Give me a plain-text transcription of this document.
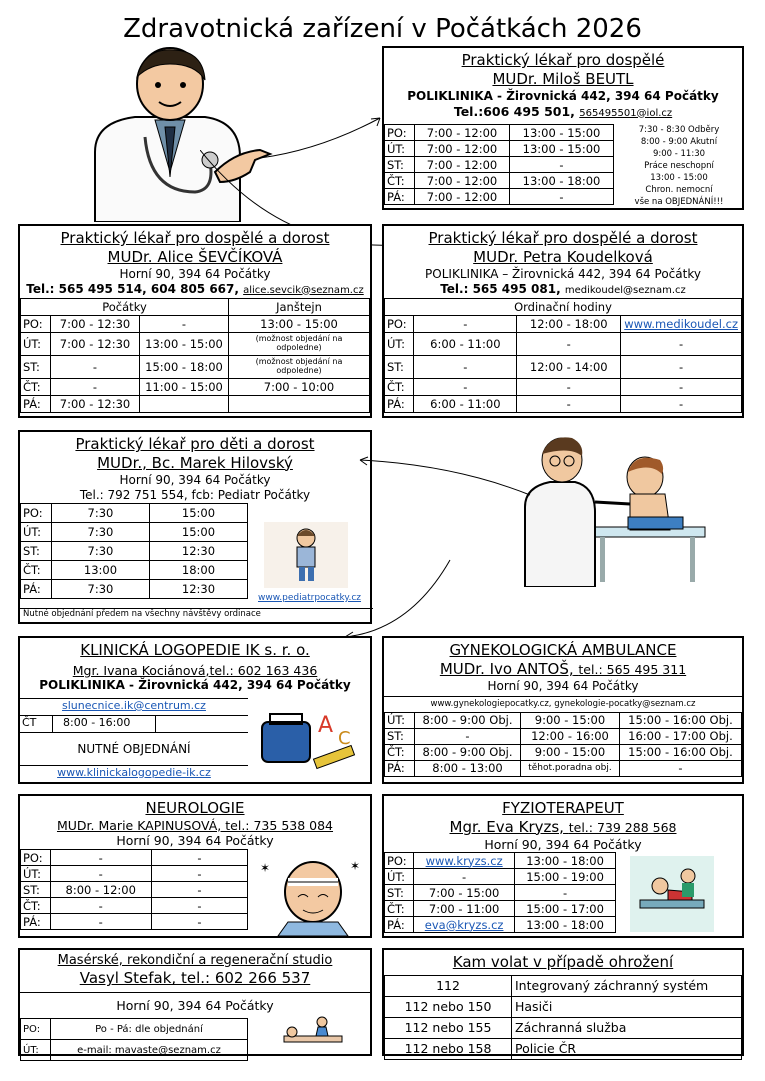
Zdravotnická zařízení v Počátkách 2026
Praktický lékař pro dospělé
MUDr. Miloš BEUTL
POLIKLINIKA - Žirovnická 442, 394 64 Počátky
Tel.:606 495 501, 565495501@iol.cz
PO:	7:00 - 12:00	13:00 - 15:00
ÚT:	7:00 - 12:00	13:00 - 15:00
ST:	7:00 - 12:00	-
ČT:	7:00 - 12:00	13:00 - 18:00
PÁ:	7:00 - 12:00	-
7:30 - 8:30 Odběry
8:00 - 9:00 Akutní
9:00 - 11:30
Práce neschopní
13:00 - 15:00
Chron. nemocní
vše na OBJEDNÁNÍ!!!
Praktický lékař pro dospělé a dorost
MUDr. Alice ŠEVČÍKOVÁ
Horní 90, 394 64 Počátky
Tel.: 565 495 514, 604 805 667, alice.sevcik@seznam.cz
Počátky			Janštejn
PO:	7:00 - 12:30	-	13:00 - 15:00
ÚT:	7:00 - 12:30	13:00 - 15:00	(možnost objedání na odpoledne)
ST:	-	15:00 - 18:00	(možnost objedání na odpoledne)
ČT:	-	11:00 - 15:00	7:00 - 10:00
PÁ:	7:00 - 12:30		
Praktický lékař pro dospělé a dorost
MUDr. Petra Koudelková
POLIKLINIKA – Žirovnická 442, 394 64 Počátky
Tel.: 565 495 081, medikoudel@seznam.cz
Ordinační hodiny			
PO:	-	12:00 - 18:00	www.medikoudel.cz
ÚT:	6:00 - 11:00	-	-
ST:	-	12:00 - 14:00	-
ČT:	-	-	-
PÁ:	6:00 - 11:00	-	-
Praktický lékař pro děti a dorost
MUDr., Bc. Marek Hilovský
Horní 90, 394 64 Počátky
Tel.: 792 751 554, fcb: Pediatr Počátky
PO:	7:30	15:00
ÚT:	7:30	15:00
ST:	7:30	12:30
ČT:	13:00	18:00
PÁ:	7:30	12:30
www.pediatrpocatky.cz
Nutné objednání předem na všechny návštěvy ordinace
KLINICKÁ LOGOPEDIE IK s. r. o.
Mgr. Ivana Kociánová,tel.: 602 163 436
POLIKLINIKA - Žirovnická 442, 394 64 Počátky
slunecnice.ik@centrum.cz
ČT	8:00 - 16:00
NUTNÉ OBJEDNÁNÍ
www.klinickalogopedie-ik.cz
A
C
GYNEKOLOGICKÁ AMBULANCE
MUDr. Ivo ANTOŠ, tel.: 565 495 311
Horní 90, 394 64 Počátky
www.gynekologiepocatky.cz, gynekologie-pocatky@seznam.cz
ÚT:	8:00 - 9:00 Obj.	9:00 - 15:00	15:00 - 16:00 Obj.
ST:	-	12:00 - 16:00	16:00 - 17:00 Obj.
ČT:	8:00 - 9:00 Obj.	9:00 - 15:00	15:00 - 16:00 Obj.
PÁ:	8:00 - 13:00	těhot.poradna obj.	-
NEUROLOGIE
MUDr. Marie KAPINUSOVÁ, tel.: 735 538 084
Horní 90, 394 64 Počátky
PO:	-	-
ÚT:	-	-
ST:	8:00 - 12:00	-
ČT:	-	-
PÁ:	-	-
✶	✶
FYZIOTERAPEUT
Mgr. Eva Kryzs, tel.: 739 288 568
Horní 90, 394 64 Počátky
PO:	www.kryzs.cz	13:00 - 18:00
ÚT:	-	15:00 - 19:00
ST:	7:00 - 15:00	-
ČT:	7:00 - 11:00	15:00 - 17:00
PÁ:	eva@kryzs.cz	13:00 - 18:00
Masérské, rekondiční a regenerační studio
Vasyl Stefak, tel.: 602 266 537
Horní 90, 394 64 Počátky
PO:	Po - Pá: dle objednání
ÚT:	e-mail: mavaste@seznam.cz
Kam volat v případě ohrožení
112	Integrovaný záchranný systém
112 nebo 150	Hasiči
112 nebo 155	Záchranná služba
112 nebo 158	Policie ČR
